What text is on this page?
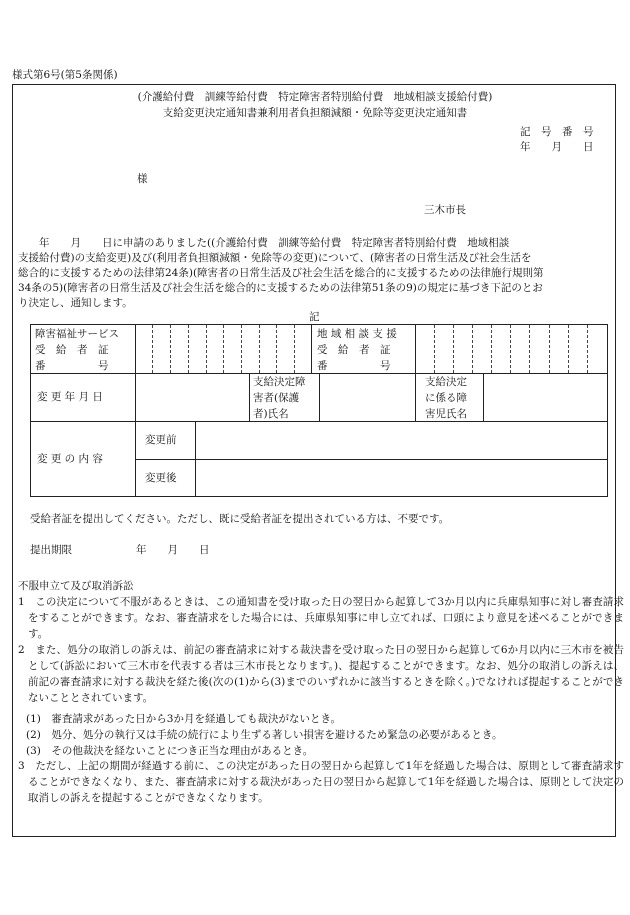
様式第6号(第5条関係)
(介護給付費　訓練等給付費　特定障害者特別給付費　地域相談支援給付費)
支給変更決定通知書兼利用者負担額減額・免除等変更決定通知書
記　号　番　号
年　　月　　日
様
三木市長
　　年　　月　　日に申請のありました((介護給付費　訓練等給付費　特定障害者特別給付費　地域相談
支援給付費)の支給変更)及び(利用者負担額減額・免除等の変更)について、(障害者の日常生活及び社会生活を
総合的に支援するための法律第24条)(障害者の日常生活及び社会生活を総合的に支援するための法律施行規則第
34条の5)(障害者の日常生活及び社会生活を総合的に支援するための法律第51条の9)の規定に基づき下記のとお
り決定し、通知します。
記
障害福祉サービス
受　給　者　証
番　　　　　号
地 域 相 談 支 援
受　給　者　証
番　　　　　号
変 更 年 月 日
支給決定障
害者(保護
者)氏名
支給決定
に係る障
害児氏名
変 更 の 内 容
変更前
変更後
受給者証を提出してください。ただし、既に受給者証を提出されている方は、不要です。
提出期限	年　　月　　日
不服申立て及び取消訴訟
1　この決定について不服があるときは、この通知書を受け取った日の翌日から起算して3か月以内に兵庫県知事に対し審査請求をすることができます。なお、審査請求をした場合には、兵庫県知事に申し立てれば、口頭により意見を述べることができます。
2　また、処分の取消しの訴えは、前記の審査請求に対する裁決書を受け取った日の翌日から起算して6か月以内に三木市を被告として(訴訟において三木市を代表する者は三木市長となります。)、提起することができます。なお、処分の取消しの訴えは、前記の審査請求に対する裁決を経た後(次の(1)から(3)までのいずれかに該当するときを除く。)でなければ提起することができないこととされています。
(1)　審査請求があった日から3か月を経過しても裁決がないとき。
(2)　処分、処分の執行又は手続の続行により生ずる著しい損害を避けるため緊急の必要があるとき。
(3)　その他裁決を経ないことにつき正当な理由があるとき。
3　ただし、上記の期間が経過する前に、この決定があった日の翌日から起算して1年を経過した場合は、原則として審査請求することができなくなり、また、審査請求に対する裁決があった日の翌日から起算して1年を経過した場合は、原則として決定の取消しの訴えを提起することができなくなります。
